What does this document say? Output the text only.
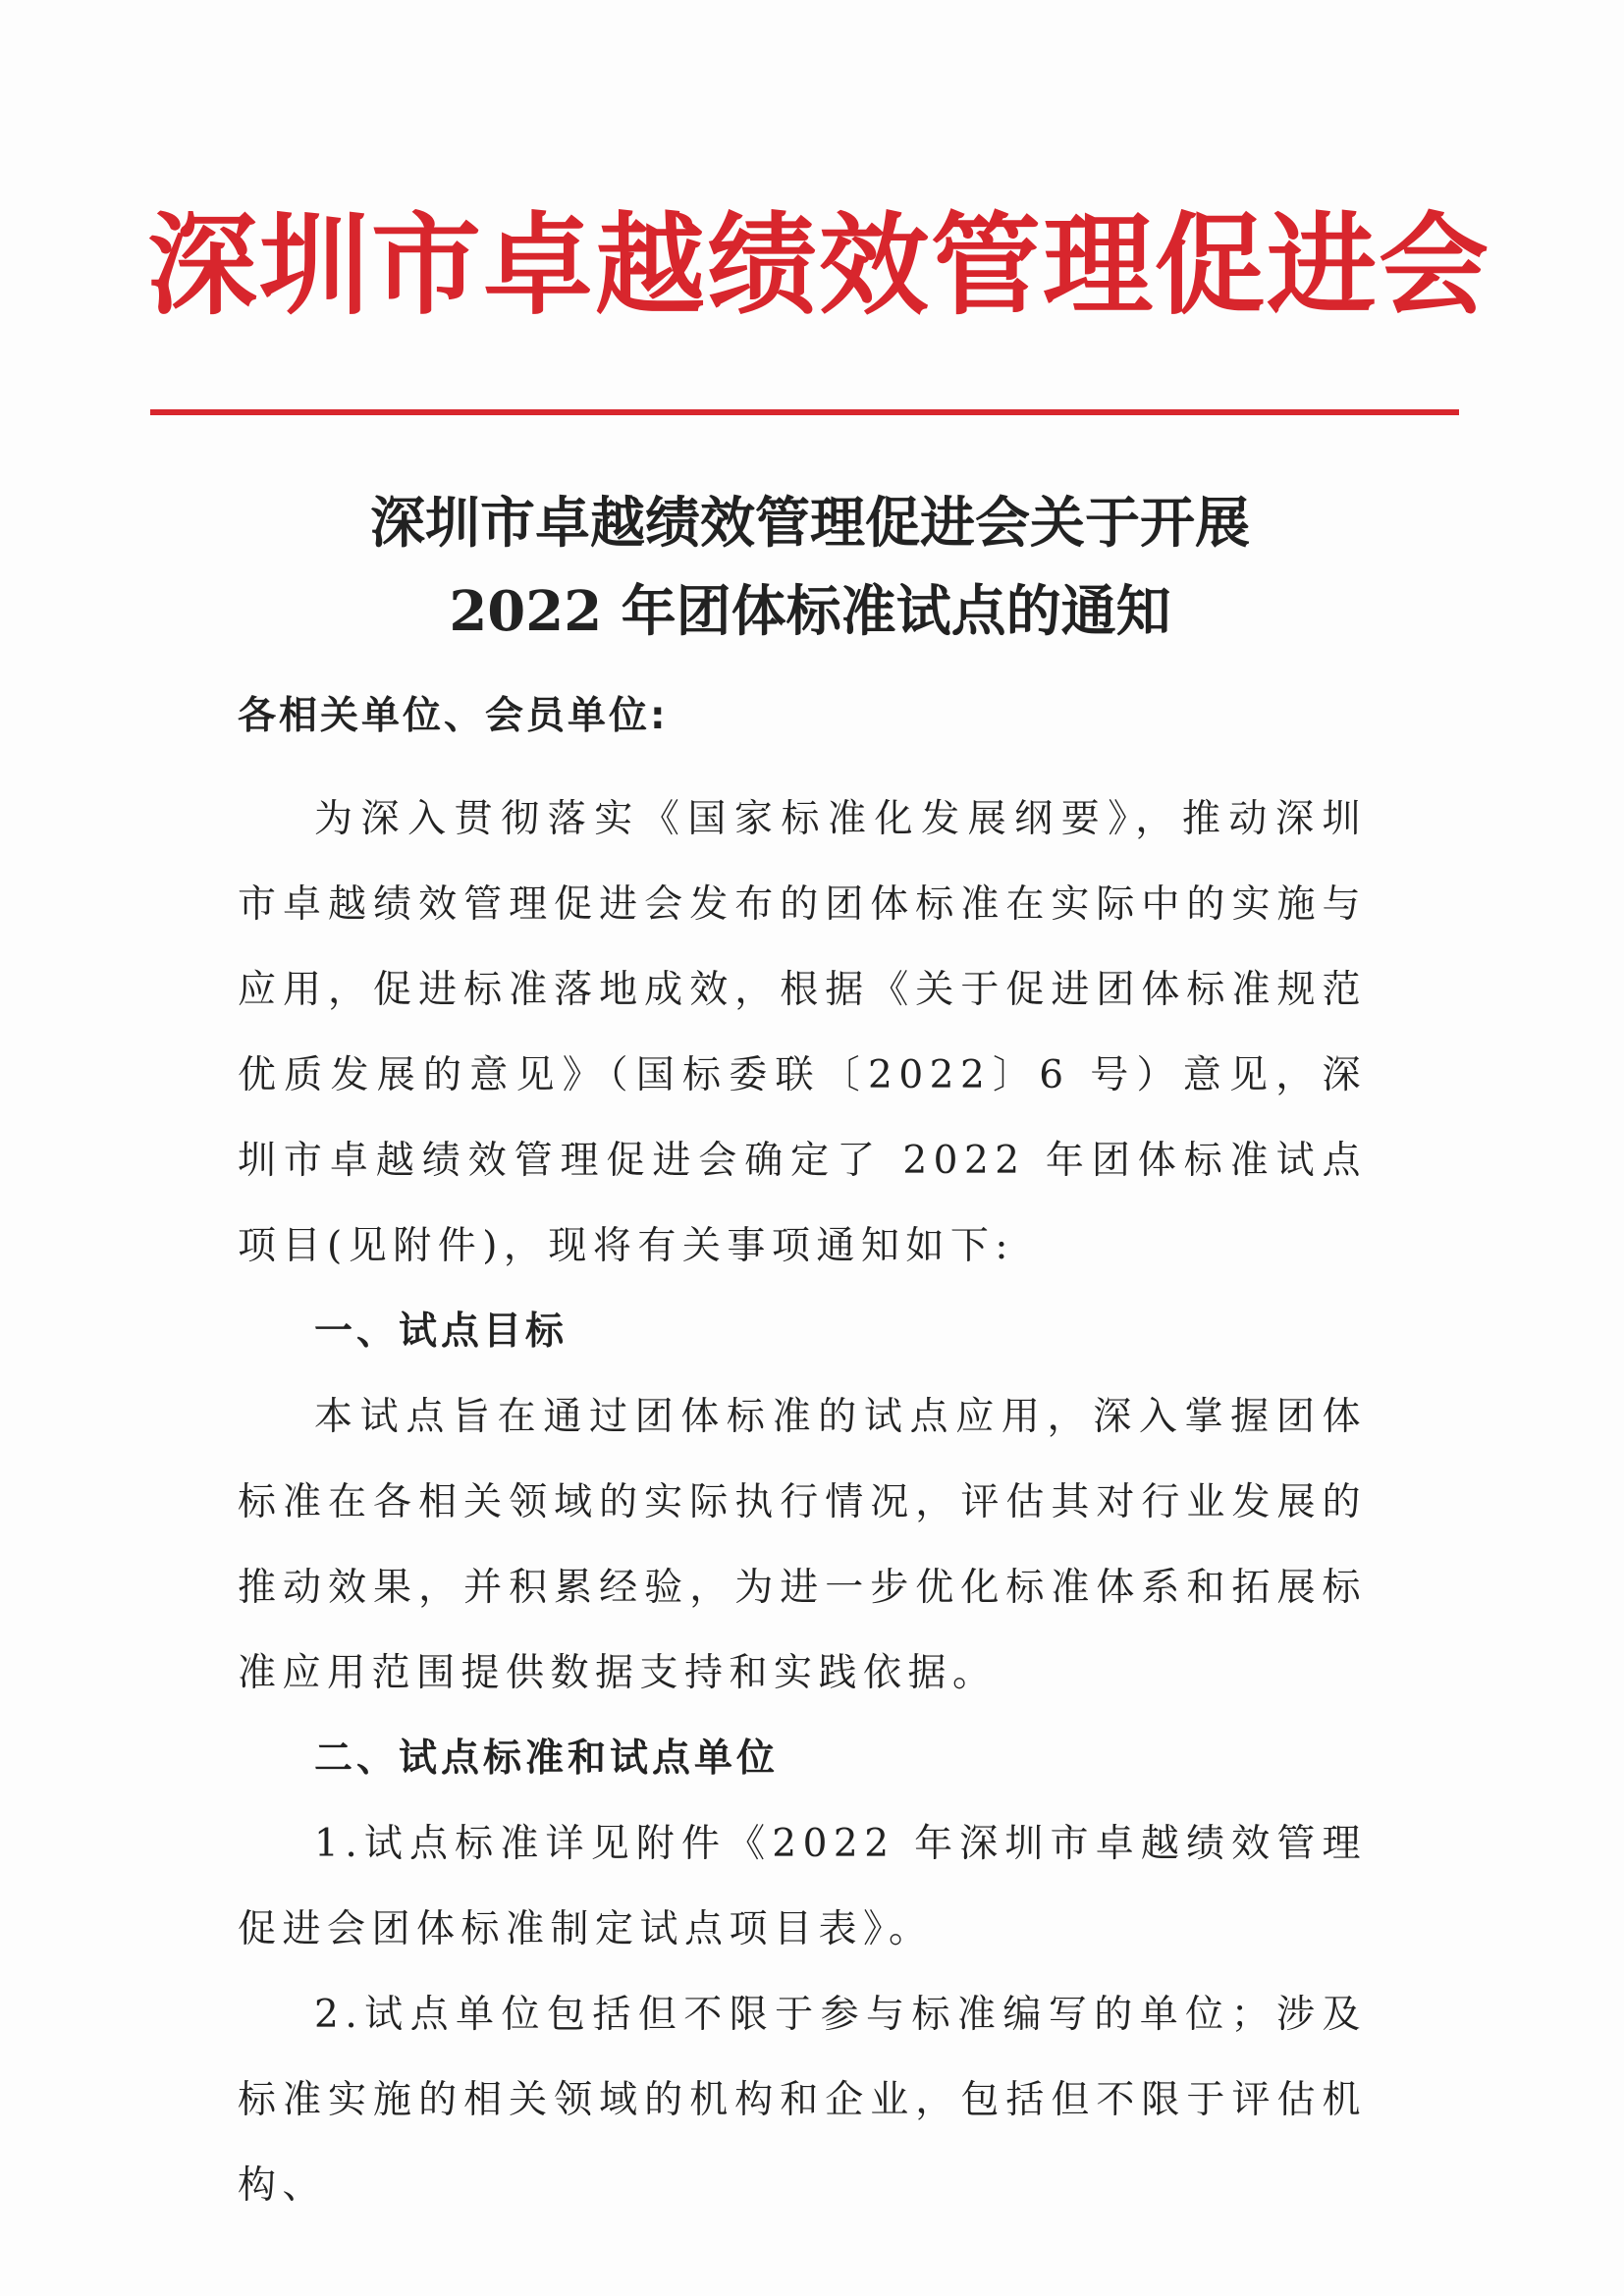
深圳市卓越绩效管理促进会
深圳市卓越绩效管理促进会关于开展
2022 年团体标准试点的通知
各相关单位、会员单位:

为深入贯彻落实《国家标准化发展纲要》，推动深圳市卓越绩效管理促进会发布的团体标准在实际中的实施与应用，促进标准落地成效，根据《关于促进团体标准规范优质发展的意见》（国标委联〔2022〕6 号）意见，深圳市卓越绩效管理促进会确定了 2022 年团体标准试点项目(见附件)，现将有关事项通知如下:

一、试点目标

本试点旨在通过团体标准的试点应用，深入掌握团体标准在各相关领域的实际执行情况，评估其对行业发展的推动效果，并积累经验，为进一步优化标准体系和拓展标准应用范围提供数据支持和实践依据。

二、试点标准和试点单位

1.试点标准详见附件《2022 年深圳市卓越绩效管理促进会团体标准制定试点项目表》。

2.试点单位包括但不限于参与标准编写的单位；涉及标准实施的相关领域的机构和企业，包括但不限于评估机构、
